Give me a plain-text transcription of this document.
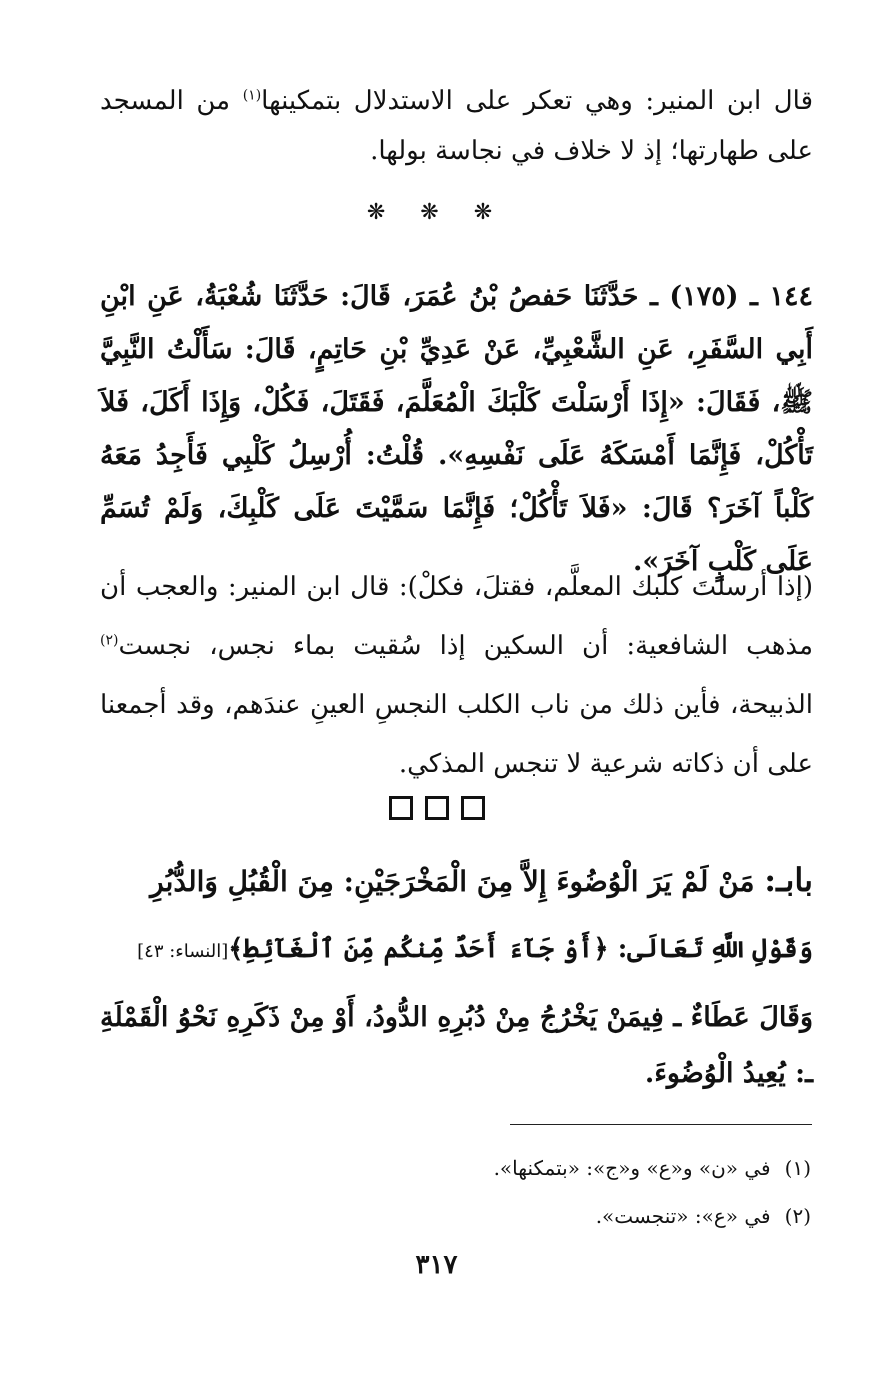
قال ابن المنير: وهي تعكر على الاستدلال بتمكينها$^{(١)}$ من المسجد على طهارتها؛ إذ لا خلاف في نجاسة بولها.
❋ ❋ ❋
١٤٤ ـ (١٧٥) ـ حَدَّثَنَا حَفصُ بْنُ عُمَرَ، قَالَ: حَدَّثَنَا شُعْبَةُ، عَنِ ابْنِ أَبِي السَّفَرِ، عَنِ الشَّعْبِيِّ، عَنْ عَدِيِّ بْنِ حَاتِمٍ، قَالَ: سَأَلْتُ النَّبِيَّ ﷺ، فَقَالَ: «إِذَا أَرْسَلْتَ كَلْبَكَ الْمُعَلَّمَ، فَقَتَلَ، فَكُلْ، وَإِذَا أَكَلَ، فَلاَ تَأْكُلْ، فَإِنَّمَا أَمْسَكَهُ عَلَى نَفْسِهِ». قُلْتُ: أُرْسِلُ كَلْبِي فَأَجِدُ مَعَهُ كَلْباً آخَرَ؟ قَالَ: «فَلاَ تَأْكُلْ؛ فَإِنَّمَا سَمَّيْتَ عَلَى كَلْبِكَ، وَلَمْ تُسَمِّ عَلَى كَلْبٍ آخَرَ».
(إذا أرسلتَ كلبك المعلَّم، فقتلَ، فكلْ): قال ابن المنير: والعجب أن مذهب الشافعية: أن السكين إذا سُقيت بماء نجس، نجست$^{(٢)}$ الذبيحة، فأين ذلك من ناب الكلب النجسِ العينِ عندَهم، وقد أجمعنا على أن ذكاته شرعية لا تنجس المذكي.
بابـ: مَنْ لَمْ يَرَ الْوُضُوءَ إِلاَّ مِنَ الْمَخْرَجَيْنِ: مِنَ الْقُبُلِ وَالدُّبُرِ
وَقَوْلِ اللَّهِ تَعَالَى: ﴿أَوْ جَآءَ أَحَدٌ مِّنكُم مِّنَ ٱلْغَآئِطِ﴾[النساء: ٤٣]
وَقَالَ عَطَاءٌ ـ فِيمَنْ يَخْرُجُ مِنْ دُبُرِهِ الدُّودُ، أَوْ مِنْ ذَكَرِهِ نَحْوُ الْقَمْلَةِ ـ: يُعِيدُ الْوُضُوءَ.
(١)في «ن» و«ع» و«ج»: «بتمكنها».
(٢)في «ع»: «تنجست».
٣١٧
